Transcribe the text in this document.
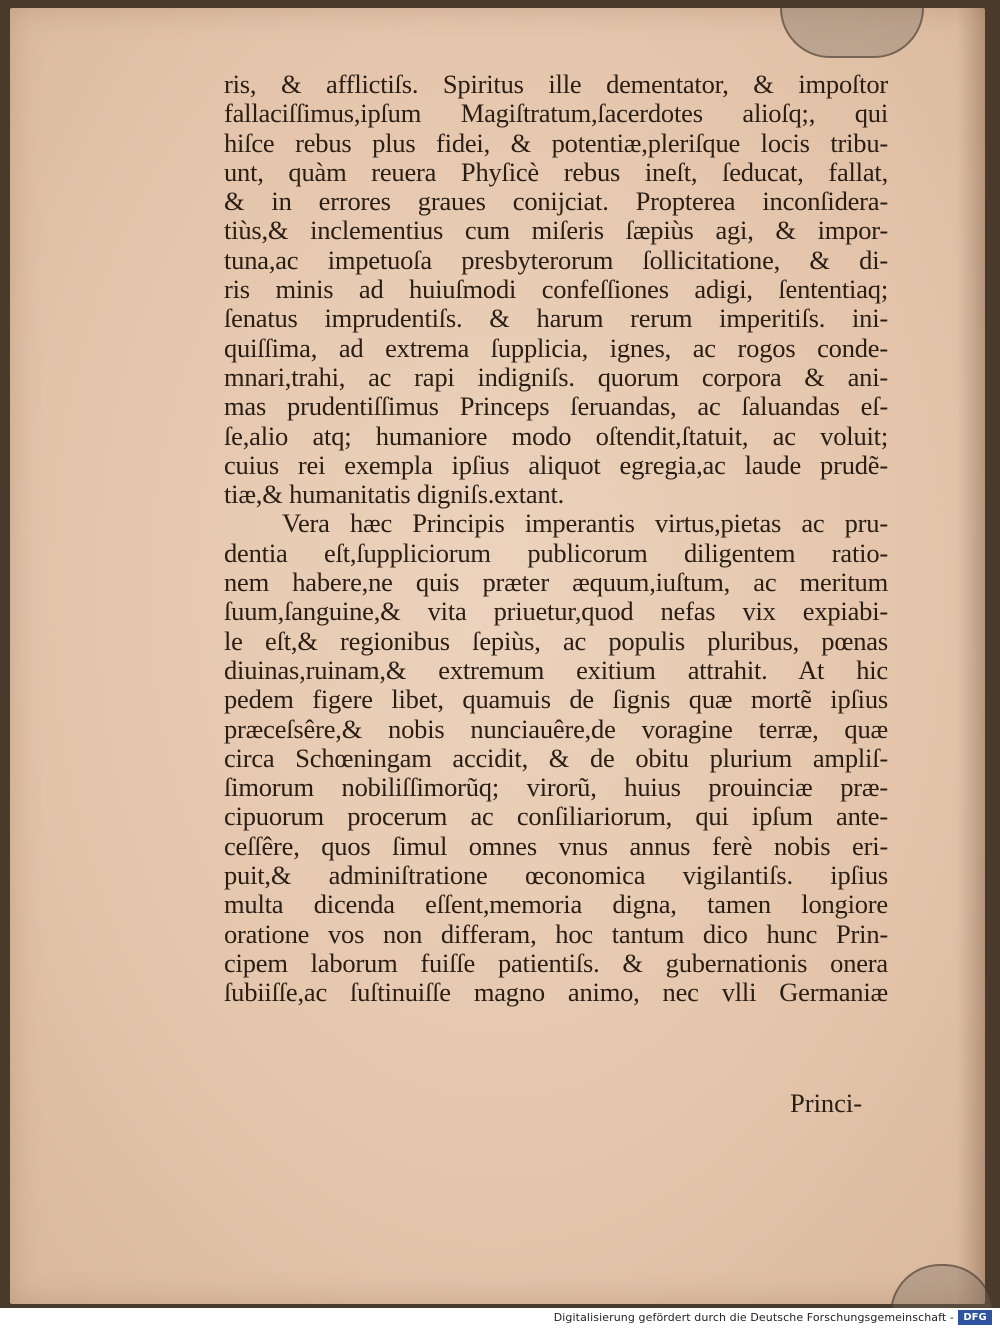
ris, & afflictiſs. Spiritus ille dementator, & impoſtor
fallaciſſimus,ipſum Magiſtratum,ſacerdotes alioſq;, qui
hiſce rebus plus fidei, & potentiæ,pleriſque locis tribu-
unt, quàm reuera Phyſicè rebus ineſt, ſeducat, fallat,
& in errores graues conijciat. Propterea inconſidera-
tiùs,& inclementius cum miſeris ſæpiùs agi, & impor-
tuna,ac impetuoſa presbyterorum ſollicitatione, & di-
ris minis ad huiuſmodi confeſſiones adigi, ſententiaq;
ſenatus imprudentiſs. & harum rerum imperitiſs. ini-
quiſſima, ad extrema ſupplicia, ignes, ac rogos conde-
mnari,trahi, ac rapi indigniſs. quorum corpora & ani-
mas prudentiſſimus Princeps ſeruandas, ac ſaluandas eſ-
ſe,alio atq; humaniore modo oſtendit,ſtatuit, ac voluit;
cuius rei exempla ipſius aliquot egregia,ac laude prudẽ-
tiæ,& humanitatis digniſs.extant.
Vera hæc Principis imperantis virtus,pietas ac pru-
dentia eſt,ſuppliciorum publicorum diligentem ratio-
nem habere,ne quis præter æquum,iuſtum, ac meritum
ſuum,ſanguine,& vita priuetur,quod nefas vix expiabi-
le eſt,& regionibus ſepiùs, ac populis pluribus, pœnas
diuinas,ruinam,& extremum exitium attrahit. At hic
pedem figere libet, quamuis de ſignis quæ mortẽ ipſius
præceſsêre,& nobis nunciauêre,de voragine terræ, quæ
circa Schœningam accidit, & de obitu plurium ampliſ-
ſimorum nobiliſſimorũq; virorũ, huius prouinciæ præ-
cipuorum procerum ac conſiliariorum, qui ipſum ante-
ceſſêre, quos ſimul omnes vnus annus ferè nobis eri-
puit,& adminiſtratione œconomica vigilantiſs. ipſius
multa dicenda eſſent,memoria digna, tamen longiore
oratione vos non differam, hoc tantum dico hunc Prin-
cipem laborum fuiſſe patientiſs. & gubernationis onera
ſubiiſſe,ac ſuſtinuiſſe magno animo, nec vlli Germaniæ
Princi-
Digitalisierung gefördert durch die Deutsche Forschungsgemeinschaft - DFG
